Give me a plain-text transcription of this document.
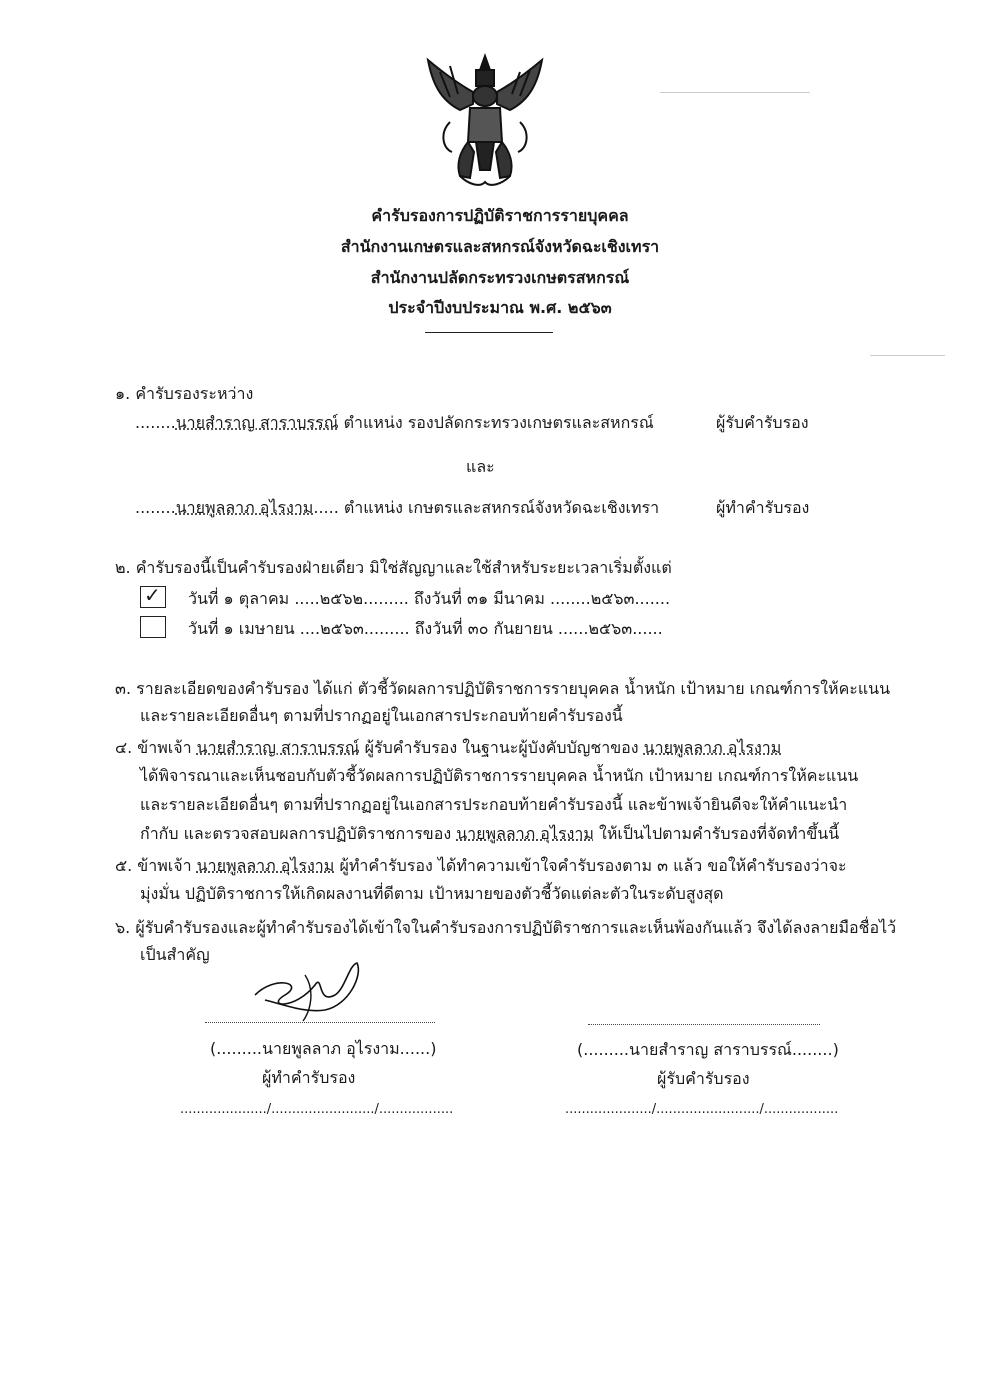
คำรับรองการปฏิบัติราชการรายบุคคล
สำนักงานเกษตรและสหกรณ์จังหวัดฉะเชิงเทรา
สำนักงานปลัดกระทรวงเกษตรสหกรณ์
ประจำปีงบประมาณ พ.ศ. ๒๕๖๓
๑. คำรับรองระหว่าง
........นายสำราญ สาราบรรณ์ ตำแหน่ง รองปลัดกระทรวงเกษตรและสหกรณ์	ผู้รับคำรับรอง
และ
........นายพูลลาภ อุไรงาม..... ตำแหน่ง เกษตรและสหกรณ์จังหวัดฉะเชิงเทรา	ผู้ทำคำรับรอง
๒. คำรับรองนี้เป็นคำรับรองฝ่ายเดียว มิใช่สัญญาและใช้สำหรับระยะเวลาเริ่มตั้งแต่
✓ วันที่ ๑ ตุลาคม .....๒๕๖๒......... ถึงวันที่ ๓๑ มีนาคม ........๒๕๖๓.......
วันที่ ๑ เมษายน ....๒๕๖๓......... ถึงวันที่ ๓๐ กันยายน ......๒๕๖๓......
๓. รายละเอียดของคำรับรอง ได้แก่ ตัวชี้วัดผลการปฏิบัติราชการรายบุคคล น้ำหนัก เป้าหมาย เกณฑ์การให้คะแนน
และรายละเอียดอื่นๆ ตามที่ปรากฏอยู่ในเอกสารประกอบท้ายคำรับรองนี้
๔. ข้าพเจ้า นายสำราญ สาราบรรณ์ ผู้รับคำรับรอง ในฐานะผู้บังคับบัญชาของ นายพูลลาภ อุไรงาม
ได้พิจารณาและเห็นชอบกับตัวชี้วัดผลการปฏิบัติราชการรายบุคคล น้ำหนัก เป้าหมาย เกณฑ์การให้คะแนน
และรายละเอียดอื่นๆ ตามที่ปรากฏอยู่ในเอกสารประกอบท้ายคำรับรองนี้ และข้าพเจ้ายินดีจะให้คำแนะนำ
กำกับ และตรวจสอบผลการปฏิบัติราชการของ นายพูลลาภ อุไรงาม ให้เป็นไปตามคำรับรองที่จัดทำขึ้นนี้
๕. ข้าพเจ้า นายพูลลาภ อุไรงาม ผู้ทำคำรับรอง ได้ทำความเข้าใจคำรับรองตาม ๓ แล้ว ขอให้คำรับรองว่าจะ
มุ่งมั่น ปฏิบัติราชการให้เกิดผลงานที่ดีตาม เป้าหมายของตัวชี้วัดแต่ละตัวในระดับสูงสุด
๖. ผู้รับคำรับรองและผู้ทำคำรับรองได้เข้าใจในคำรับรองการปฏิบัติราชการและเห็นพ้องกันแล้ว จึงได้ลงลายมือชื่อไว้
เป็นสำคัญ
(.........นายพูลลาภ อุไรงาม......)
ผู้ทำคำรับรอง
...................../........................./..................
(.........นายสำราญ สาราบรรณ์........)
ผู้รับคำรับรอง
...................../........................./..................
